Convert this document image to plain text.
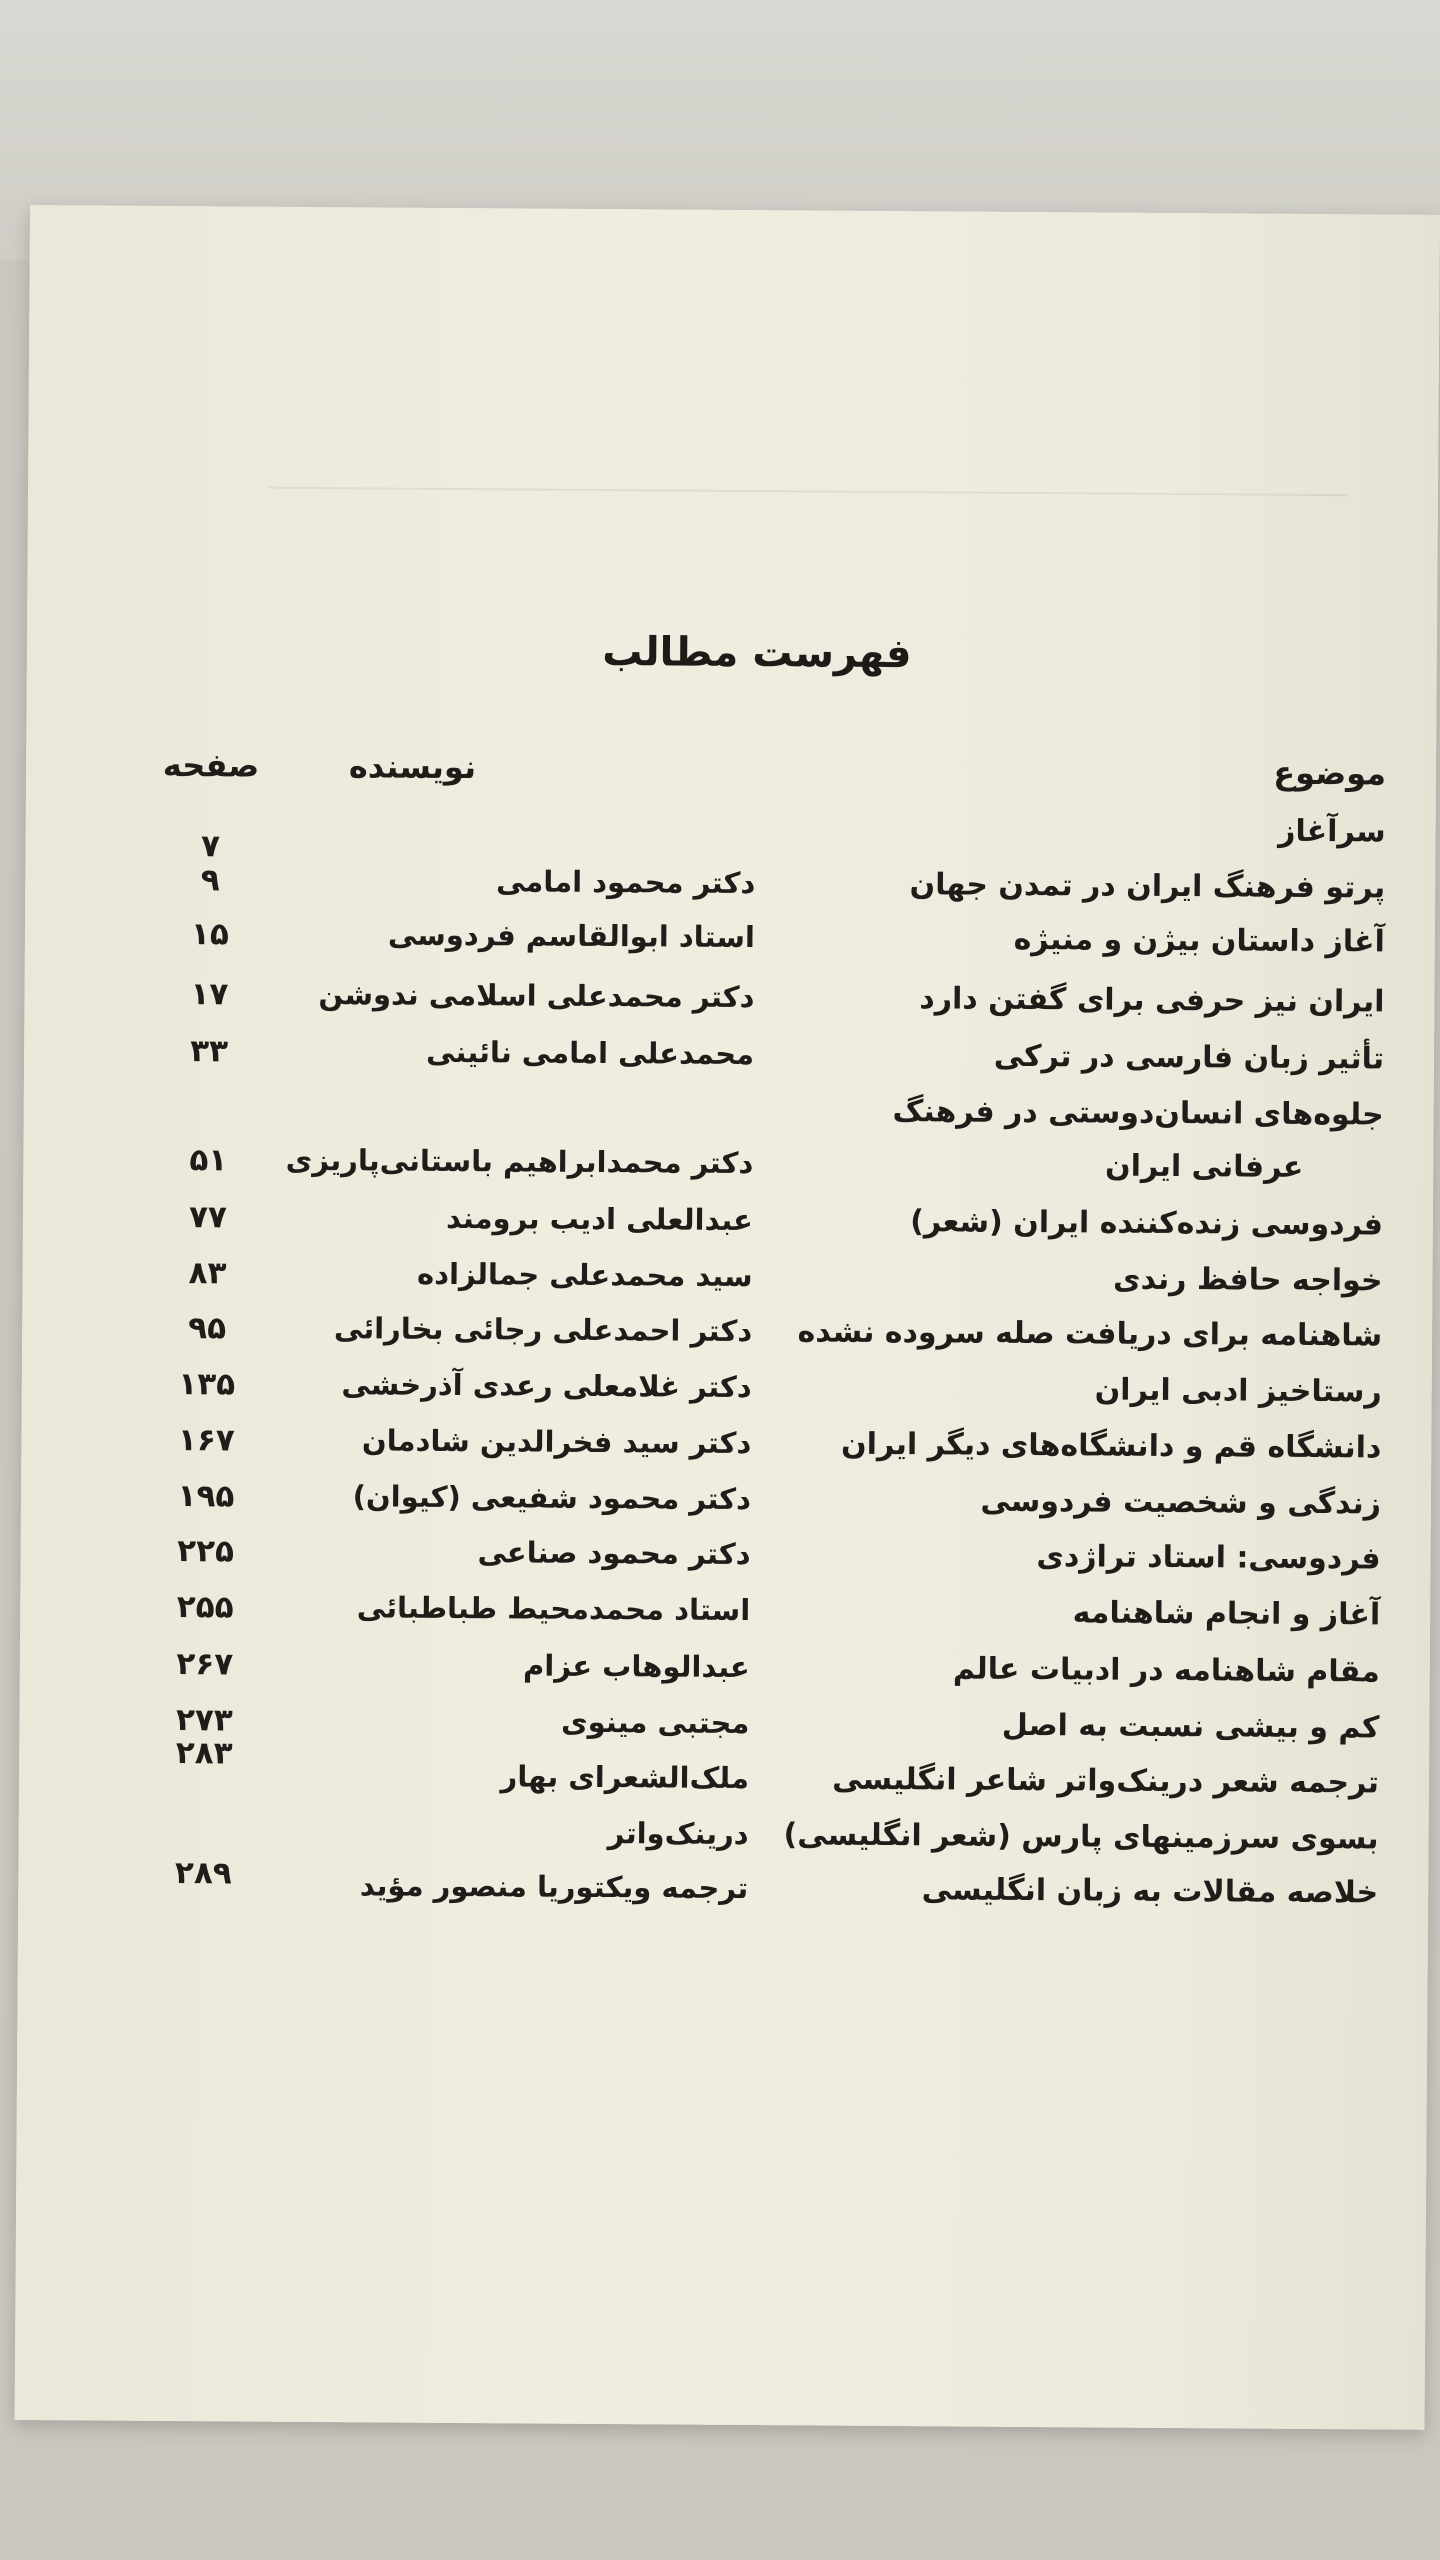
فهرست مطالب
موضوع
نویسنده
صفحه
سرآغاز
۷
پرتو فرهنگ ایران در تمدن جهان
دکتر محمود امامی
۹
آغاز داستان بیژن و منیژه
استاد ابوالقاسم فردوسی
۱۵
ایران نیز حرفی برای گفتن دارد
دکتر محمدعلی اسلامی ندوشن
۱۷
تأثیر زبان فارسی در ترکی
محمدعلی امامی نائینی
۳۳
جلوه‌های انسان‌دوستی در فرهنگ
عرفانی ایران
دکتر محمدابراهیم باستانی‌پاریزی
۵۱
فردوسی زنده‌کننده ایران (شعر)
عبدالعلی ادیب برومند
۷۷
خواجه حافظ رندی
سید محمدعلی جمالزاده
۸۳
شاهنامه برای دریافت صله سروده نشده
دکتر احمدعلی رجائی بخارائی
۹۵
رستاخیز ادبی ایران
دکتر غلامعلی رعدی آذرخشی
۱۳۵
دانشگاه قم و دانشگاه‌های دیگر ایران
دکتر سید فخرالدین شادمان
۱۶۷
زندگی و شخصیت فردوسی
دکتر محمود شفیعی (کیوان)
۱۹۵
فردوسی: استاد تراژدی
دکتر محمود صناعی
۲۲۵
آغاز و انجام شاهنامه
استاد محمدمحیط طباطبائی
۲۵۵
مقام شاهنامه در ادبیات عالم
عبدالوهاب عزام
۲۶۷
کم و بیشی نسبت به اصل
مجتبی مینوی
۲۷۳
ترجمه شعر درینک‌واتر شاعر انگلیسی
ملک‌الشعرای بهار
۲۸۳
بسوی سرزمینهای پارس (شعر انگلیسی)
درینک‌واتر
خلاصه مقالات به زبان انگلیسی
ترجمه ویکتوریا منصور مؤید
۲۸۹
